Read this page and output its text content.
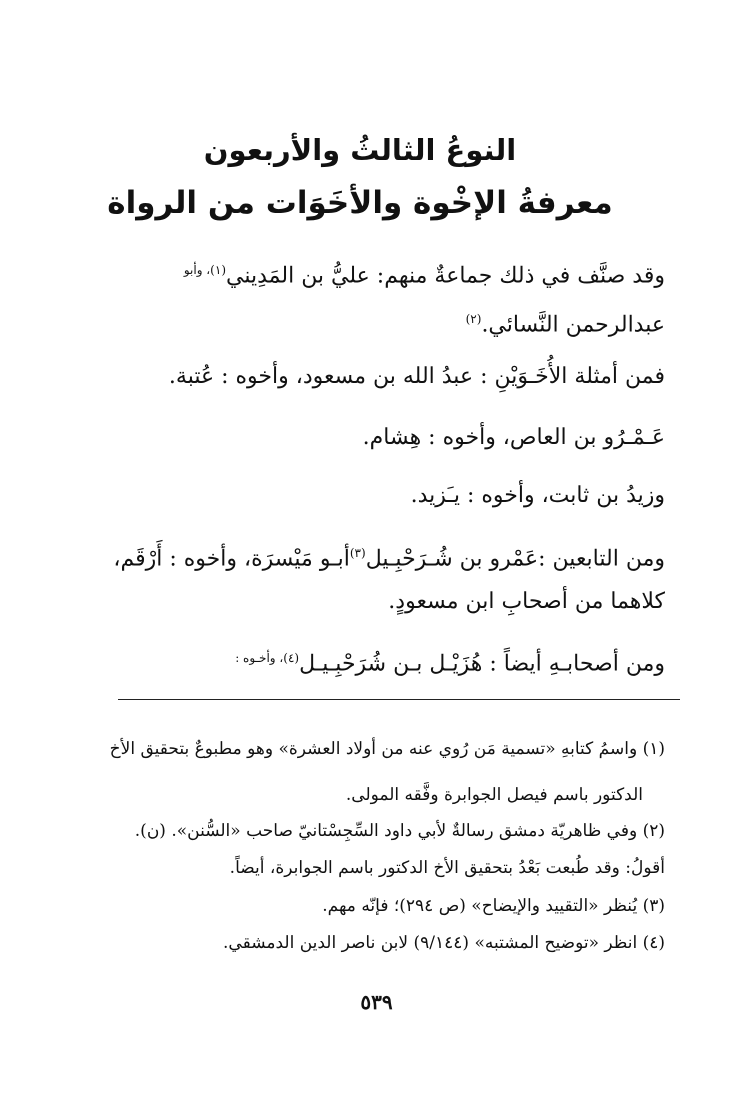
النوعُ الثالثُ والأربعون
معرفةُ الإخْوة والأخَوَات من الرواة
وقد صنَّف في ذلك جماعةٌ منهم: عليُّ بن المَدِيني$^{(١)، وأبو}$
عبدالرحمن النَّسائي.$^{(٢)}$
فمن أمثلة الأُخَـوَيْنِ : عبدُ الله بن مسعود، وأخوه : عُتبة.
عَـمْـرُو بن العاص، وأخوه : هِشام.
وزيدُ بن ثابت، وأخوه : يـَزيد.
ومن التابعين :عَمْرو بن شُـرَحْبِـيل$^{(٣)}$أبـو مَيْسرَة، وأخوه : أَرْقَم،
كلاهما من أصحابِ ابن مسعودٍ.
ومن أصحابـهِ أيضاً : هُزَيْـل بـن شُرَحْبِـيـل$^{(٤)، وأخـوه :}$
(١) واسمُ كتابهِ «تسمية مَن رُوي عنه من أولاد العشرة» وهو مطبوعٌ بتحقيق الأخ
الدكتور باسم فيصل الجوابرة وفَّقه المولى.
(٢) وفي ظاهريّة دمشق رسالةٌ لأبي داود السِّجِسْتانيّ صاحب «السُّنن». (ن).
أقولُ: وقد طُبعت بَعْدُ بتحقيق الأخ الدكتور باسم الجوابرة، أيضاً.
(٣) يُنظر «التقييد والإيضاح» (ص ٢٩٤)؛ فإنّه مهم.
(٤) انظر «توضيح المشتبه» (٩/١٤٤) لابن ناصر الدين الدمشقي.
٥٣٩
